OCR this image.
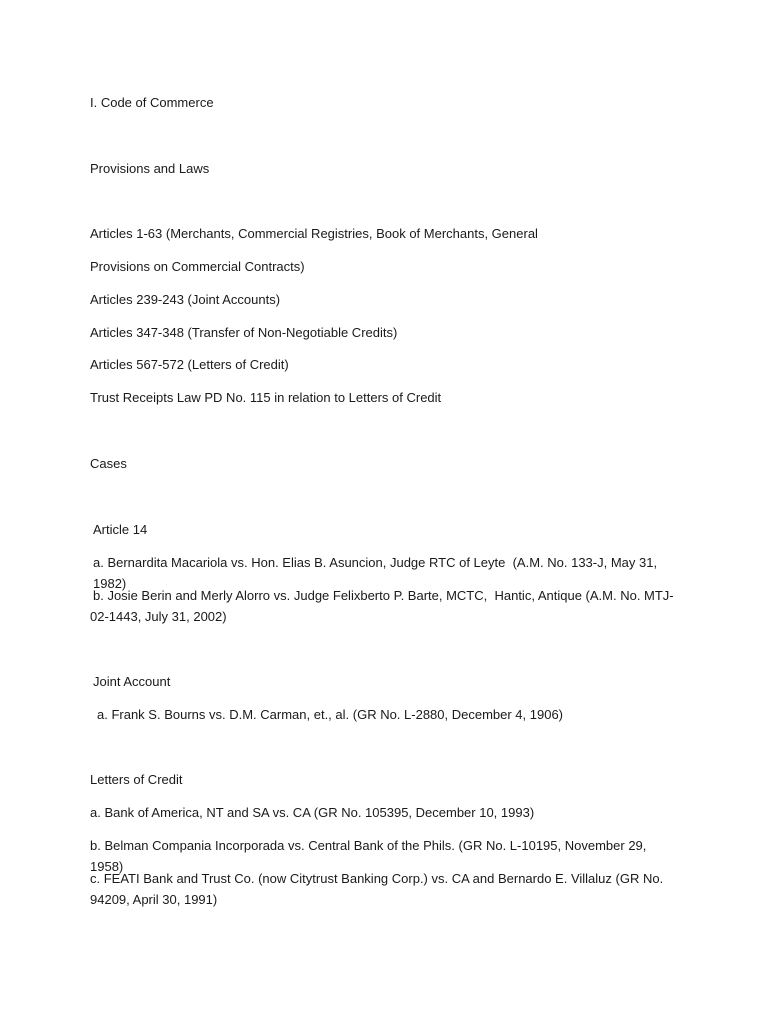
I. Code of Commerce
Provisions and Laws
Articles 1-63 (Merchants, Commercial Registries, Book of Merchants, General
Provisions on Commercial Contracts)
Articles 239-243 (Joint Accounts)
Articles 347-348 (Transfer of Non-Negotiable Credits)
Articles 567-572 (Letters of Credit)
Trust Receipts Law PD No. 115 in relation to Letters of Credit
Cases
Article 14
a. Bernardita Macariola vs. Hon. Elias B. Asuncion, Judge RTC of Leyte  (A.M. No. 133-J, May 31, 1982)
b. Josie Berin and Merly Alorro vs. Judge Felixberto P. Barte, MCTC,  Hantic, Antique (A.M. No. MTJ-02-1443, July 31, 2002)
Joint Account
a. Frank S. Bourns vs. D.M. Carman, et., al. (GR No. L-2880, December 4, 1906)
Letters of Credit
a. Bank of America, NT and SA vs. CA (GR No. 105395, December 10, 1993)
b. Belman Compania Incorporada vs. Central Bank of the Phils. (GR No. L-10195, November 29, 1958)
c. FEATI Bank and Trust Co. (now Citytrust Banking Corp.) vs. CA and Bernardo E. Villaluz (GR No. 94209, April 30, 1991)
